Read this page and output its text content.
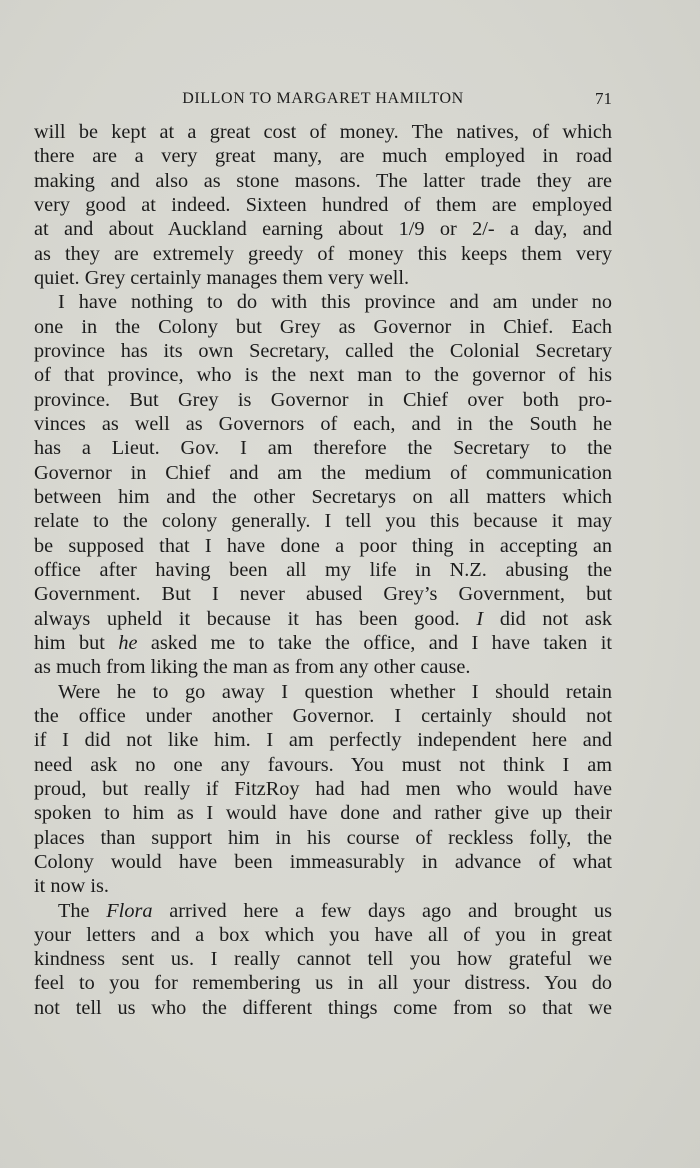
DILLON TO MARGARET HAMILTON	71
will be kept at a great cost of money. The natives, of which
there are a very great many, are much employed in road
making and also as stone masons. The latter trade they are
very good at indeed. Sixteen hundred of them are employed
at and about Auckland earning about 1/9 or 2/- a day, and
as they are extremely greedy of money this keeps them very
quiet. Grey certainly manages them very well.
I have nothing to do with this province and am under no
one in the Colony but Grey as Governor in Chief. Each
province has its own Secretary, called the Colonial Secretary
of that province, who is the next man to the governor of his
province. But Grey is Governor in Chief over both pro-
vinces as well as Governors of each, and in the South he
has a Lieut. Gov. I am therefore the Secretary to the
Governor in Chief and am the medium of communication
between him and the other Secretarys on all matters which
relate to the colony generally. I tell you this because it may
be supposed that I have done a poor thing in accepting an
office after having been all my life in N.Z. abusing the
Government. But I never abused Grey’s Government, but
always upheld it because it has been good. I did not ask
him but he asked me to take the office, and I have taken it
as much from liking the man as from any other cause.
Were he to go away I question whether I should retain
the office under another Governor. I certainly should not
if I did not like him. I am perfectly independent here and
need ask no one any favours. You must not think I am
proud, but really if FitzRoy had had men who would have
spoken to him as I would have done and rather give up their
places than support him in his course of reckless folly, the
Colony would have been immeasurably in advance of what
it now is.
The Flora arrived here a few days ago and brought us
your letters and a box which you have all of you in great
kindness sent us. I really cannot tell you how grateful we
feel to you for remembering us in all your distress. You do
not tell us who the different things come from so that we
